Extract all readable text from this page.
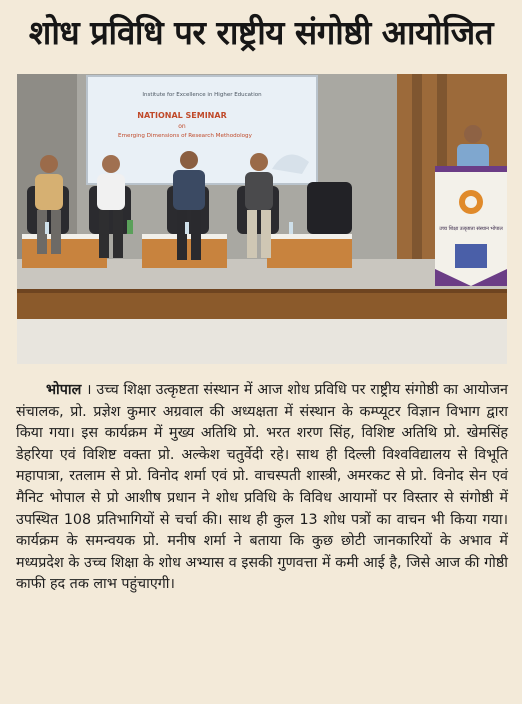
शोध प्रविधि पर राष्ट्रीय संगोष्ठी आयोजित
Institute for Excellence in Higher Education
NATIONAL SEMINAR
on
Emerging Dimensions of Research Methodology
उच्च शिक्षा उत्कृष्टता संस्थान भोपाल
भोपाल । उच्च शिक्षा उत्कृष्टता संस्थान में आज शोध प्रविधि पर राष्ट्रीय संगोष्ठी का आयोजन संचालक, प्रो. प्रज्ञेश कुमार अग्रवाल की अध्यक्षता में संस्थान के कम्प्यूटर विज्ञान विभाग द्वारा किया गया। इस कार्यक्रम में मुख्य अतिथि प्रो. भरत शरण सिंह, विशिष्ट अतिथि प्रो. खेमसिंह डेहरिया एवं विशिष्ट वक्ता प्रो. अल्केश चतुर्वेदी रहे। साथ ही दिल्ली विश्वविद्यालय से विभूति महापात्रा, रतलाम से प्रो. विनोद शर्मा एवं प्रो. वाचस्पती शास्त्री, अमरकट से प्रो. विनोद सेन एवं मैनिट भोपाल से प्रो आशीष प्रधान ने शोध प्रविधि के विविध आयामों पर विस्तार से संगोष्ठी में उपस्थित 108 प्रतिभागियों से चर्चा की। साथ ही कुल 13 शोध पत्रों का वाचन भी किया गया। कार्यक्रम के समन्वयक प्रो. मनीष शर्मा ने बताया कि कुछ छोटी जानकारियों के अभाव में मध्यप्रदेश के उच्च शिक्षा के शोध अभ्यास व इसकी गुणवत्ता में कमी आई है, जिसे आज की गोष्ठी काफी हद तक लाभ पहुंचाएगी।
